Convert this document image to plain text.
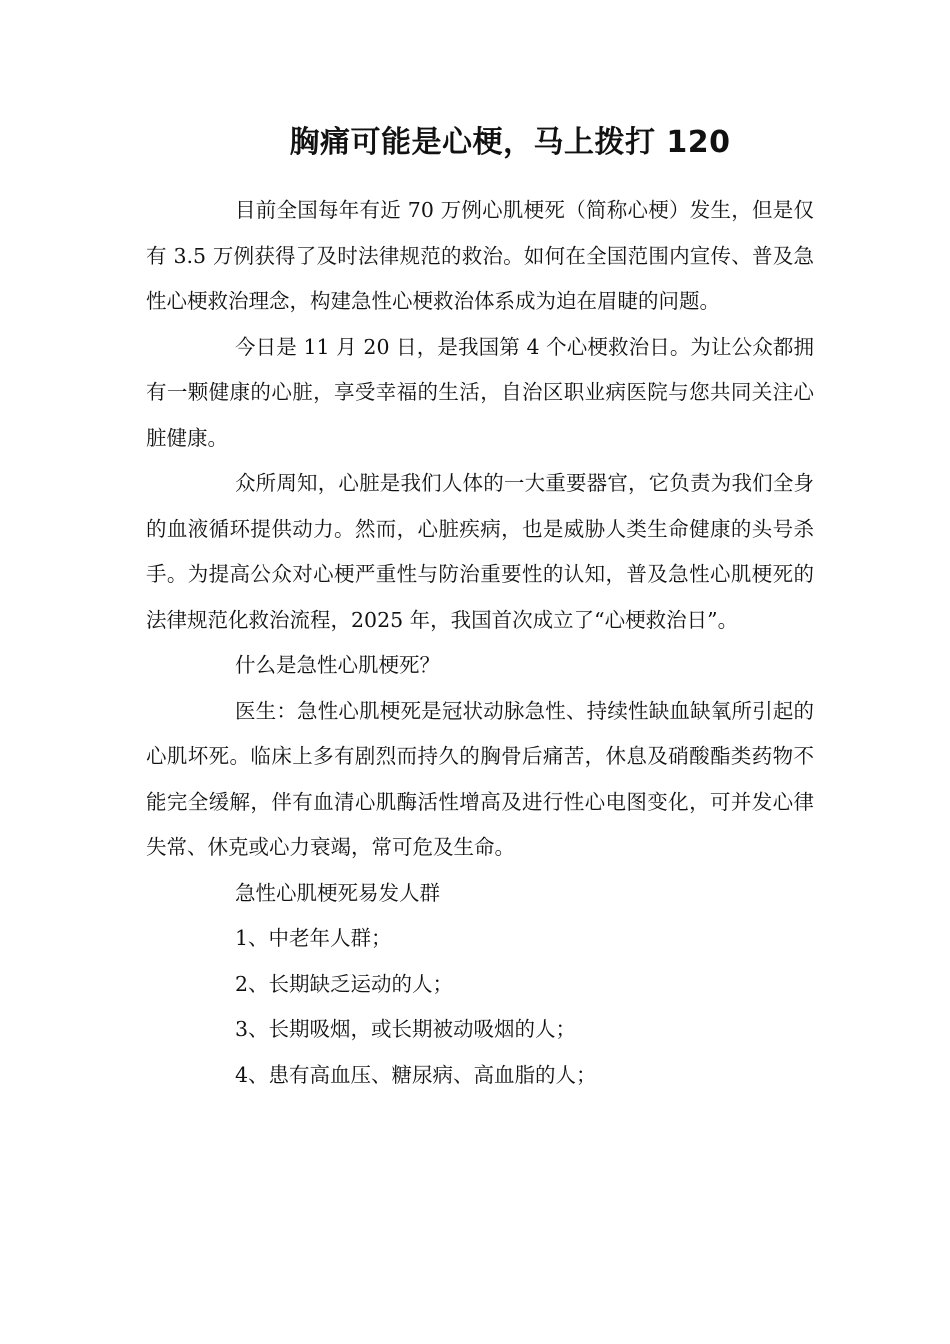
胸痛可能是心梗，马上拨打 120

目前全国每年有近 70 万例心肌梗死（简称心梗）发生，但是仅有 3.5 万例获得了及时法律规范的救治。如何在全国范围内宣传、普及急性心梗救治理念，构建急性心梗救治体系成为迫在眉睫的问题。

今日是 11 月 20 日，是我国第 4 个心梗救治日。为让公众都拥有一颗健康的心脏，享受幸福的生活，自治区职业病医院与您共同关注心脏健康。

众所周知，心脏是我们人体的一大重要器官，它负责为我们全身的血液循环提供动力。然而，心脏疾病，也是威胁人类生命健康的头号杀手。为提高公众对心梗严重性与防治重要性的认知，普及急性心肌梗死的法律规范化救治流程，2025 年，我国首次成立了“心梗救治日”。

什么是急性心肌梗死？

医生：急性心肌梗死是冠状动脉急性、持续性缺血缺氧所引起的心肌坏死。临床上多有剧烈而持久的胸骨后痛苦，休息及硝酸酯类药物不能完全缓解，伴有血清心肌酶活性增高及进行性心电图变化，可并发心律失常、休克或心力衰竭，常可危及生命。

急性心肌梗死易发人群

1、中老年人群；

2、长期缺乏运动的人；

3、长期吸烟，或长期被动吸烟的人；

4、患有高血压、糖尿病、高血脂的人；
